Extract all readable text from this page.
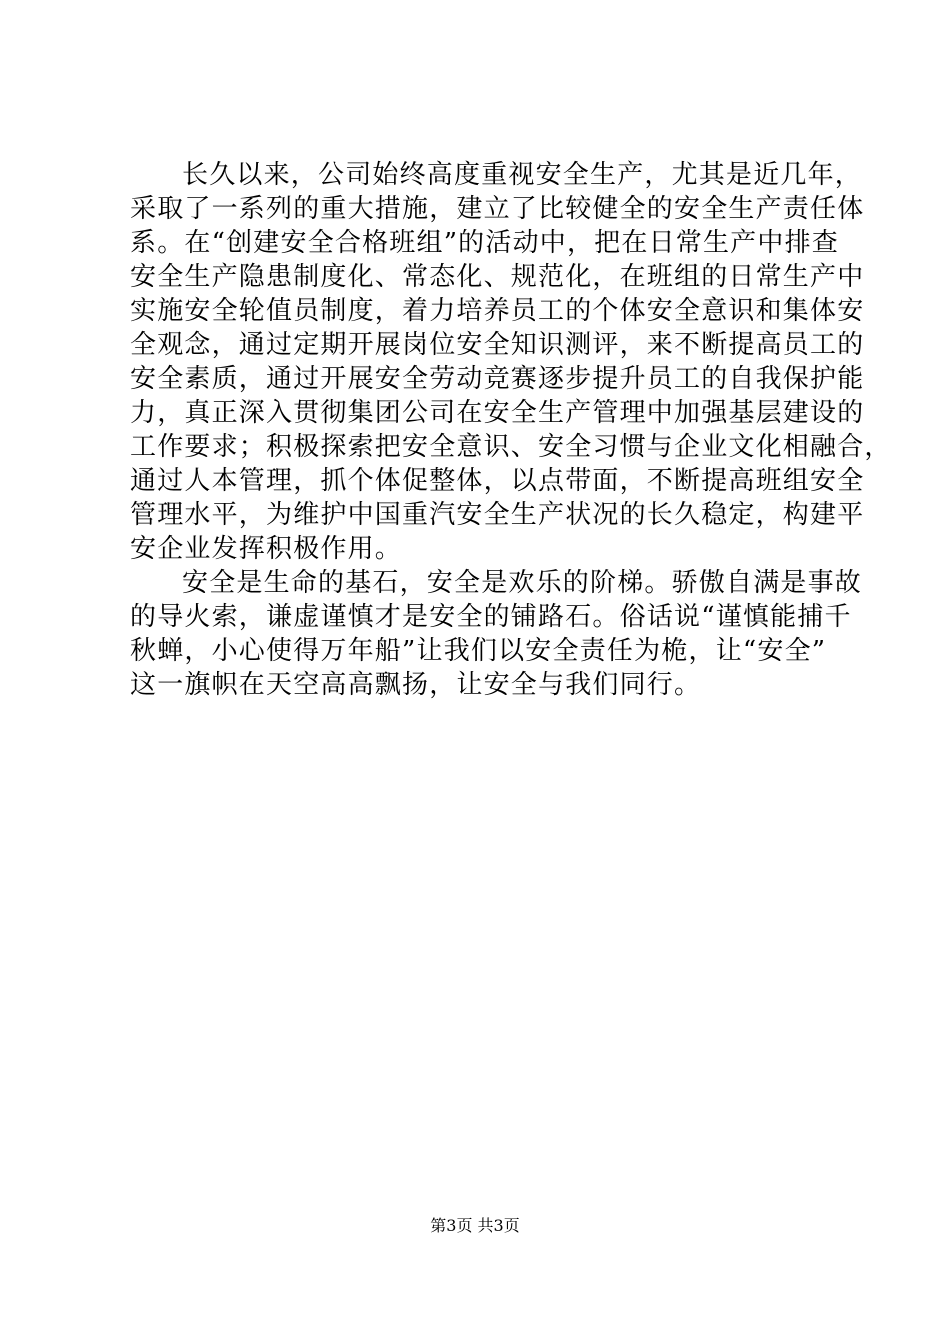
长久以来，公司始终高度重视安全生产，尤其是近几年，
采取了一系列的重大措施，建立了比较健全的安全生产责任体
系。在“创建安全合格班组”的活动中，把在日常生产中排查
安全生产隐患制度化、常态化、规范化，在班组的日常生产中
实施安全轮值员制度，着力培养员工的个体安全意识和集体安
全观念，通过定期开展岗位安全知识测评，来不断提高员工的
安全素质，通过开展安全劳动竞赛逐步提升员工的自我保护能
力，真正深入贯彻集团公司在安全生产管理中加强基层建设的
工作要求；积极探索把安全意识、安全习惯与企业文化相融合，
通过人本管理，抓个体促整体，以点带面，不断提高班组安全
管理水平，为维护中国重汽安全生产状况的长久稳定，构建平
安企业发挥积极作用。
安全是生命的基石，安全是欢乐的阶梯。骄傲自满是事故
的导火索，谦虚谨慎才是安全的铺路石。俗话说“谨慎能捕千
秋蝉，小心使得万年船”让我们以安全责任为桅，让“安全”
这一旗帜在天空高高飘扬，让安全与我们同行。
第3页 共3页
